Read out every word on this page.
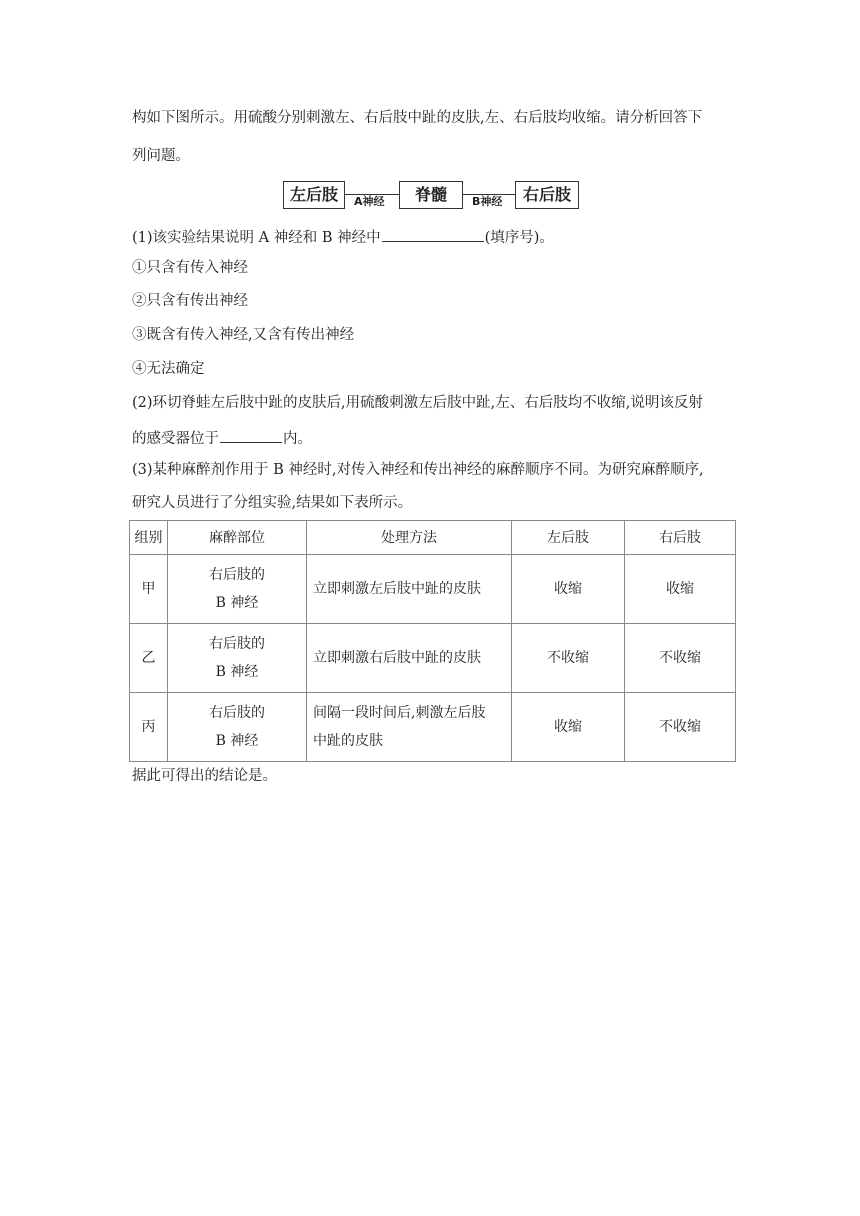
构如下图所示。用硫酸分别刺激左、右后肢中趾的皮肤,左、右后肢均收缩。请分析回答下
列问题。
左后肢	A神经	脊髓	B神经	右后肢
(1)该实验结果说明 A 神经和 B 神经中	(填序号)。
①只含有传入神经
②只含有传出神经
③既含有传入神经,又含有传出神经
④无法确定
(2)环切脊蛙左后肢中趾的皮肤后,用硫酸刺激左后肢中趾,左、右后肢均不收缩,说明该反射
的感受器位于	内。
(3)某种麻醉剂作用于 B 神经时,对传入神经和传出神经的麻醉顺序不同。为研究麻醉顺序,
研究人员进行了分组实验,结果如下表所示。
组别	麻醉部位	处理方法	左后肢	右后肢
甲	右后肢的
B 神经	立即刺激左后肢中趾的皮肤	收缩	收缩
乙	右后肢的
B 神经	立即刺激右后肢中趾的皮肤	不收缩	不收缩
丙	右后肢的
B 神经	间隔一段时间后,刺激左后肢
中趾的皮肤	收缩	不收缩
据此可得出的结论是。
